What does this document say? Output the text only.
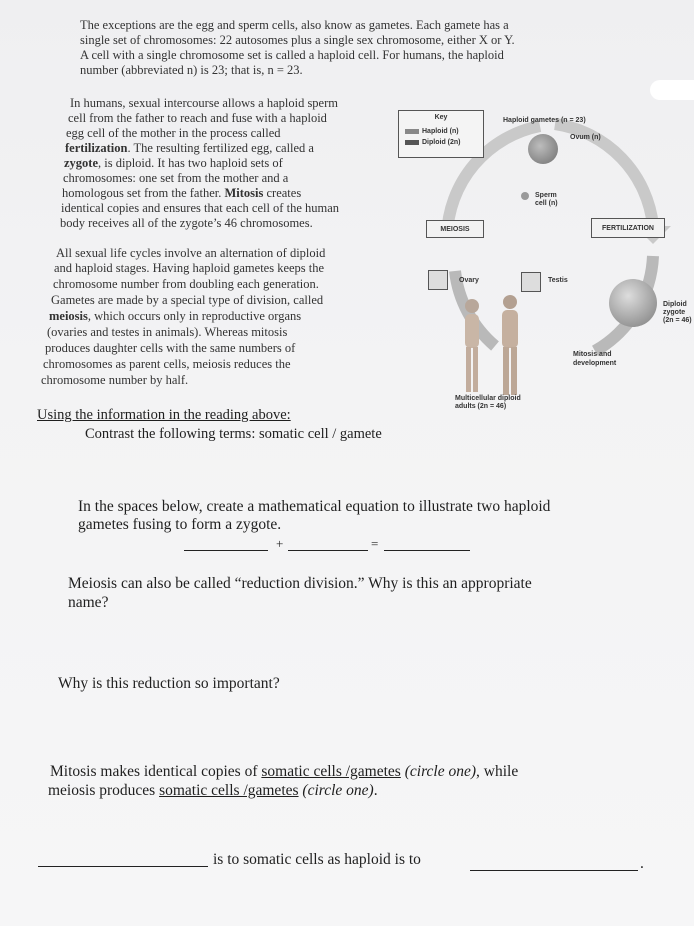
The exceptions are the egg and sperm cells, also know as gametes. Each gamete has a

single set of chromosomes: 22 autosomes plus a single sex chromosome, either X or Y.

A cell with a single chromosome set is called a haploid cell. For humans, the haploid

number (abbreviated n) is 23; that is, n = 23.

In humans, sexual intercourse allows a haploid sperm

cell from the father to reach and fuse with a haploid

egg cell of the mother in the process called

fertilization. The resulting fertilized egg, called a

zygote, is diploid. It has two haploid sets of

chromosomes: one set from the mother and a

homologous set from the father. Mitosis creates

identical copies and ensures that each cell of the human

body receives all of the zygote’s 46 chromosomes.

All sexual life cycles involve an alternation of diploid

and haploid stages. Having haploid gametes keeps the

chromosome number from doubling each generation.

Gametes are made by a special type of division, called

meiosis, which occurs only in reproductive organs

(ovaries and testes in animals). Whereas mitosis

produces daughter cells with the same numbers of

chromosomes as parent cells, meiosis reduces the

chromosome number by half.

Key
Haploid (n)
Diploid (2n)
Haploid gametes (n = 23)
Ovum (n)
Sperm
cell (n)
MEIOSIS	FERTILIZATION
Ovary	Testis
Diploid
zygote
(2n = 46)
Mitosis and
development
Multicellular diploid
adults (2n = 46)

Using the information in the reading above:

Contrast the following terms: somatic cell / gamete

In the spaces below, create a mathematical equation to illustrate two haploid

gametes fusing to form a zygote.

+	=

Meiosis can also be called “reduction division.” Why is this an appropriate

name?

Why is this reduction so important?

Mitosis makes identical copies of somatic cells /gametes (circle one), while

meiosis produces somatic cells /gametes (circle one).

is to somatic cells as haploid is to	.
